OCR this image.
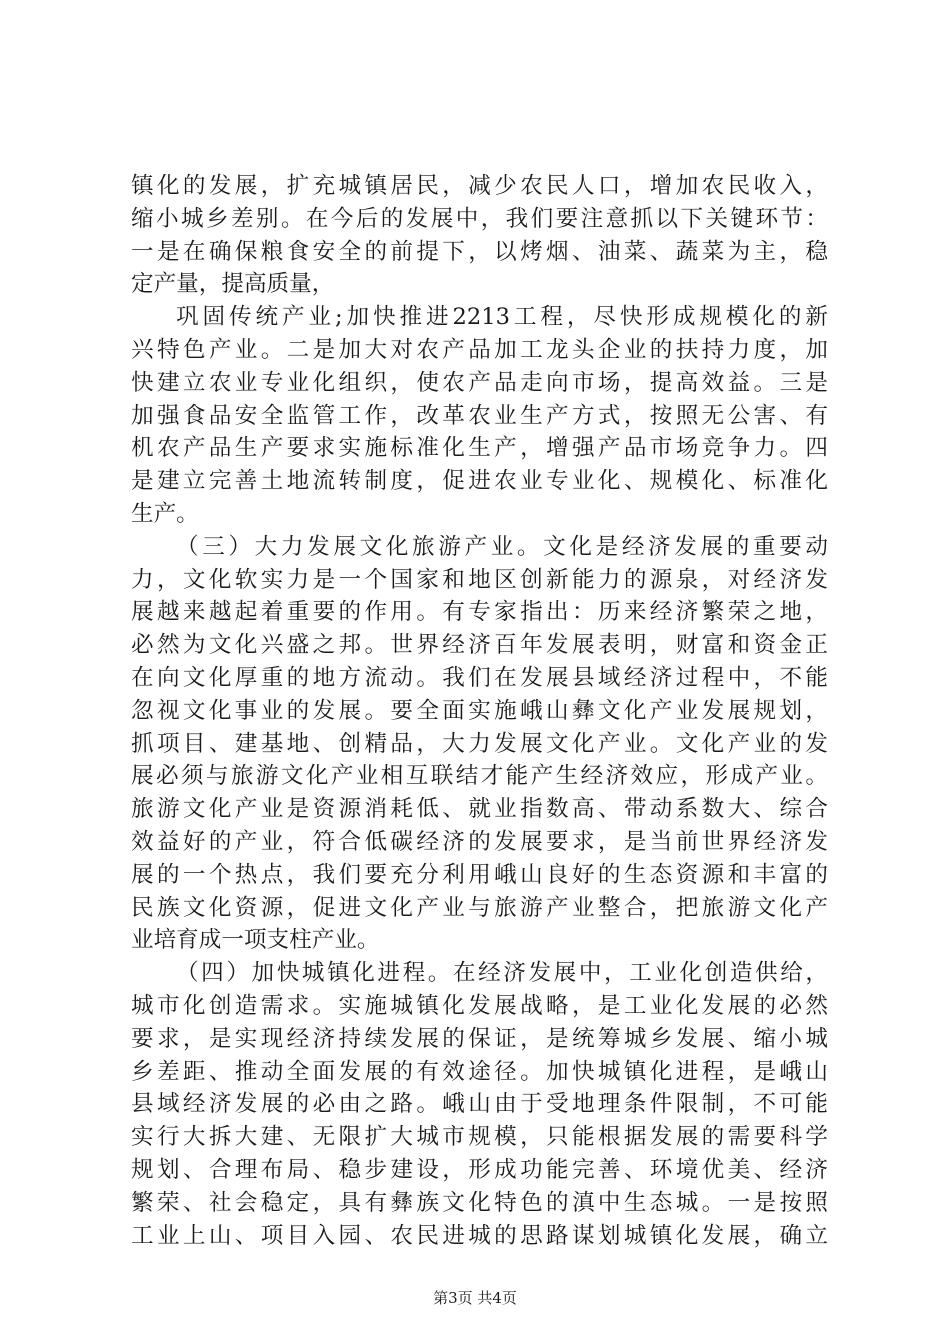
镇化的发展，扩充城镇居民，减少农民人口，增加农民收入，
缩小城乡差别。在今后的发展中，我们要注意抓以下关键环节：
一是在确保粮食安全的前提下，以烤烟、油菜、蔬菜为主，稳
定产量，提高质量，
巩固传统产业;加快推进2213工程，尽快形成规模化的新
兴特色产业。二是加大对农产品加工龙头企业的扶持力度，加
快建立农业专业化组织，使农产品走向市场，提高效益。三是
加强食品安全监管工作，改革农业生产方式，按照无公害、有
机农产品生产要求实施标准化生产，增强产品市场竞争力。四
是建立完善土地流转制度，促进农业专业化、规模化、标准化
生产。
（三）大力发展文化旅游产业。文化是经济发展的重要动
力，文化软实力是一个国家和地区创新能力的源泉，对经济发
展越来越起着重要的作用。有专家指出：历来经济繁荣之地，
必然为文化兴盛之邦。世界经济百年发展表明，财富和资金正
在向文化厚重的地方流动。我们在发展县域经济过程中，不能
忽视文化事业的发展。要全面实施峨山彝文化产业发展规划，
抓项目、建基地、创精品，大力发展文化产业。文化产业的发
展必须与旅游文化产业相互联结才能产生经济效应，形成产业。
旅游文化产业是资源消耗低、就业指数高、带动系数大、综合
效益好的产业，符合低碳经济的发展要求，是当前世界经济发
展的一个热点，我们要充分利用峨山良好的生态资源和丰富的
民族文化资源，促进文化产业与旅游产业整合，把旅游文化产
业培育成一项支柱产业。
（四）加快城镇化进程。在经济发展中，工业化创造供给，
城市化创造需求。实施城镇化发展战略，是工业化发展的必然
要求，是实现经济持续发展的保证，是统筹城乡发展、缩小城
乡差距、推动全面发展的有效途径。加快城镇化进程，是峨山
县域经济发展的必由之路。峨山由于受地理条件限制，不可能
实行大拆大建、无限扩大城市规模，只能根据发展的需要科学
规划、合理布局、稳步建设，形成功能完善、环境优美、经济
繁荣、社会稳定，具有彝族文化特色的滇中生态城。一是按照
工业上山、项目入园、农民进城的思路谋划城镇化发展，确立
第3页 共4页
